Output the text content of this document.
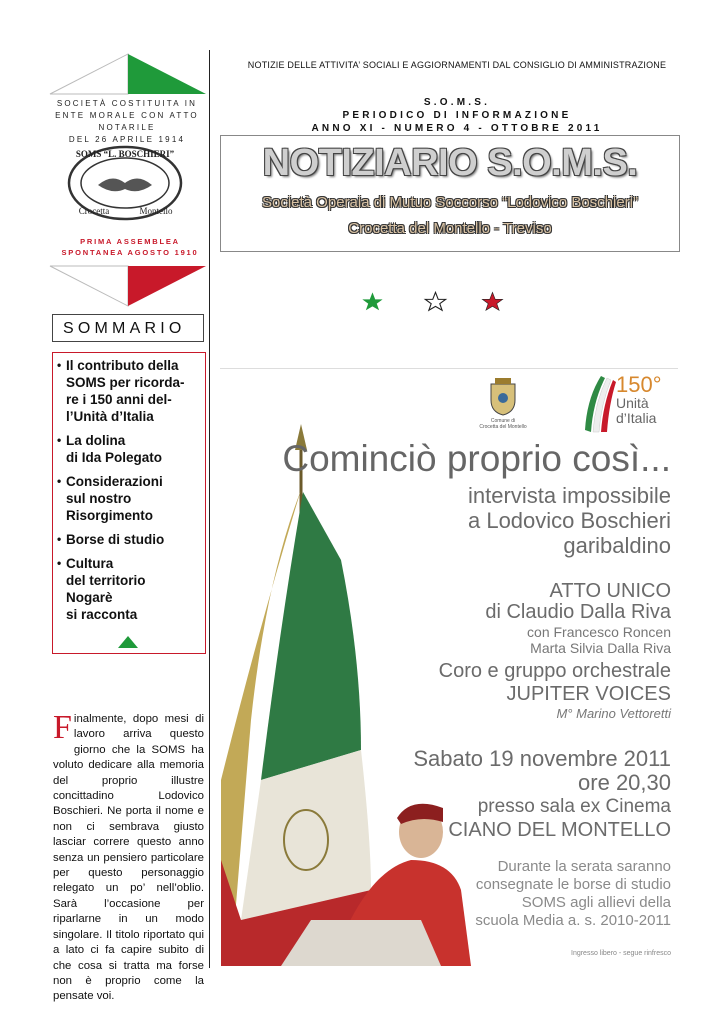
SOCIETÀ COSTITUITA IN
ENTE MORALE CON ATTO
NOTARILE
DEL 26 APRILE 1914
SOMS “L. BOSCHIERI”
Crocetta	Montello
PRIMA ASSEMBLEA
SPONTANEA AGOSTO 1910
SOMMARIO
• Il contributo della
SOMS per ricorda-
re i 150 anni del-
l’Unità d’Italia
• La dolina
di Ida Polegato
• Considerazioni
sul nostro
Risorgimento
• Borse di studio
• Cultura
del territorio
Nogarè
si racconta
Finalmente, dopo mesi di lavoro arriva questo giorno che la SOMS ha voluto dedicare alla memoria del proprio illustre concittadino Lodovico Boschieri. Ne porta il nome e non ci sembrava giusto lasciar correre questo anno senza un pensiero particolare per questo personaggio relegato un po’ nell’oblio. Sarà l’occasione per riparlarne in un modo singolare. Il titolo riportato qui a lato ci fa capire subito di che cosa si tratta ma forse non è proprio come la pensate voi.
NOTIZIE DELLE ATTIVITA’ SOCIALI E AGGIORNAMENTI DAL CONSIGLIO DI AMMINISTRAZIONE
S.O.M.S.
PERIODICO DI INFORMAZIONE
ANNO XI - NUMERO 4 - OTTOBRE 2011
NOTIZIARIO S.O.M.S.
Società Operaia di Mutuo Soccorso “Lodovico Boschieri”
Crocetta del Montello - Treviso
Comune di
Crocetta del Montello
150°
Unità
d’Italia
Cominciò proprio così...
intervista impossibile
a Lodovico Boschieri
garibaldino
ATTO UNICO
di Claudio Dalla Riva
con Francesco Roncen
Marta Silvia Dalla Riva
Coro e gruppo orchestrale
JUPITER VOICES
M° Marino Vettoretti
Sabato 19 novembre 2011
ore 20,30
presso sala ex Cinema
CIANO DEL MONTELLO
Durante la serata saranno
consegnate le borse di studio
SOMS agli allievi della
scuola Media a. s. 2010-2011
Ingresso libero - segue rinfresco
